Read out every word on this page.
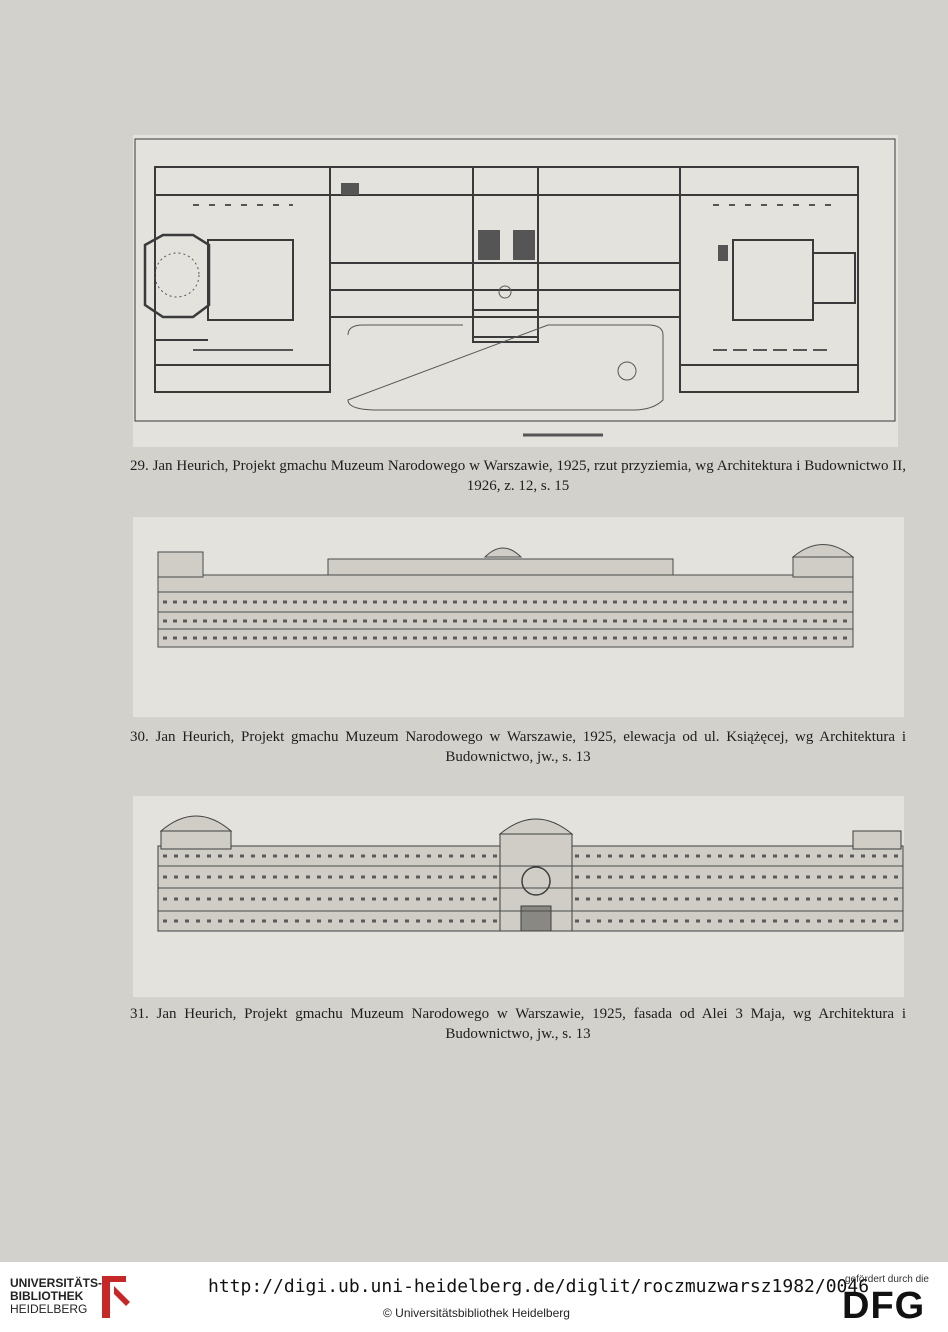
29. Jan Heurich, Projekt gmachu Muzeum Narodowego w Warszawie, 1925, rzut przyziemia, wg Architektura i Budownictwo II, 1926, z. 12, s. 15
30. Jan Heurich, Projekt gmachu Muzeum Narodowego w Warszawie, 1925, elewacja od ul. Książęcej, wg Architektura i Budownictwo, jw., s. 13
31. Jan Heurich, Projekt gmachu Muzeum Narodowego w Warszawie, 1925, fasada od Alei 3 Maja, wg Architektura i Budownictwo, jw., s. 13
UNIVERSITÄTS-
BIBLIOTHEK
HEIDELBERG
http://digi.ub.uni-heidelberg.de/diglit/roczmuzwarsz1982/0046
© Universitätsbibliothek Heidelberg
gefördert durch die
DFG
